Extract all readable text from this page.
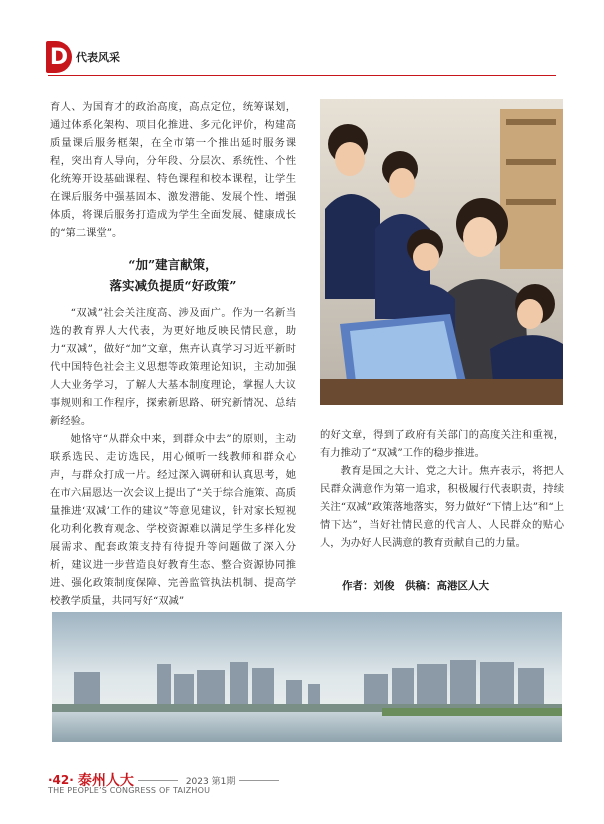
D 代表风采

育人、为国育才的政治高度，高点定位，统筹谋划，通过体系化架构、项目化推进、多元化评价，构建高质量课后服务框架，在全市第一个推出延时服务课程，突出育人导向，分年段、分层次、系统性、个性化统筹开设基础课程、特色课程和校本课程，让学生在课后服务中强基固本、激发潜能、发展个性、增强体质，将课后服务打造成为学生全面发展、健康成长的“第二课堂”。

“加”建言献策，
落实减负提质“好政策”

“双减”社会关注度高、涉及面广。作为一名新当选的教育界人大代表，为更好地反映民情民意，助力“双减”，做好“加”文章，焦卉认真学习习近平新时代中国特色社会主义思想等政策理论知识，主动加强人大业务学习，了解人大基本制度理论，掌握人大议事规则和工作程序，探索新思路、研究新情况、总结新经验。

她恪守“从群众中来，到群众中去”的原则，主动联系选民、走访选民，用心倾听一线教师和群众心声，与群众打成一片。经过深入调研和认真思考，她在市六届恩达一次会议上提出了“关于综合施策、高质量推进‘双减’工作的建议”等意见建议，针对家长短视化功利化教育观念、学校资源难以满足学生多样化发展需求、配套政策支持有待提升等问题做了深入分析，建议进一步营造良好教育生态、整合资源协同推进、强化政策制度保障、完善监管执法机制、提高学校教学质量，共同写好“双减”

的好文章，得到了政府有关部门的高度关注和重视，有力推动了“双减”工作的稳步推进。

教育是国之大计、党之大计。焦卉表示，将把人民群众满意作为第一追求，积极履行代表职责，持续关注“双减”政策落地落实，努力做好“下情上达”和“上情下达”，当好社情民意的代言人、人民群众的贴心人，为办好人民满意的教育贡献自己的力量。

作者：刘俊　供稿：高港区人大
·42· 泰州人大	2023 第1期
THE PEOPLE’S CONGRESS OF TAIZHOU
